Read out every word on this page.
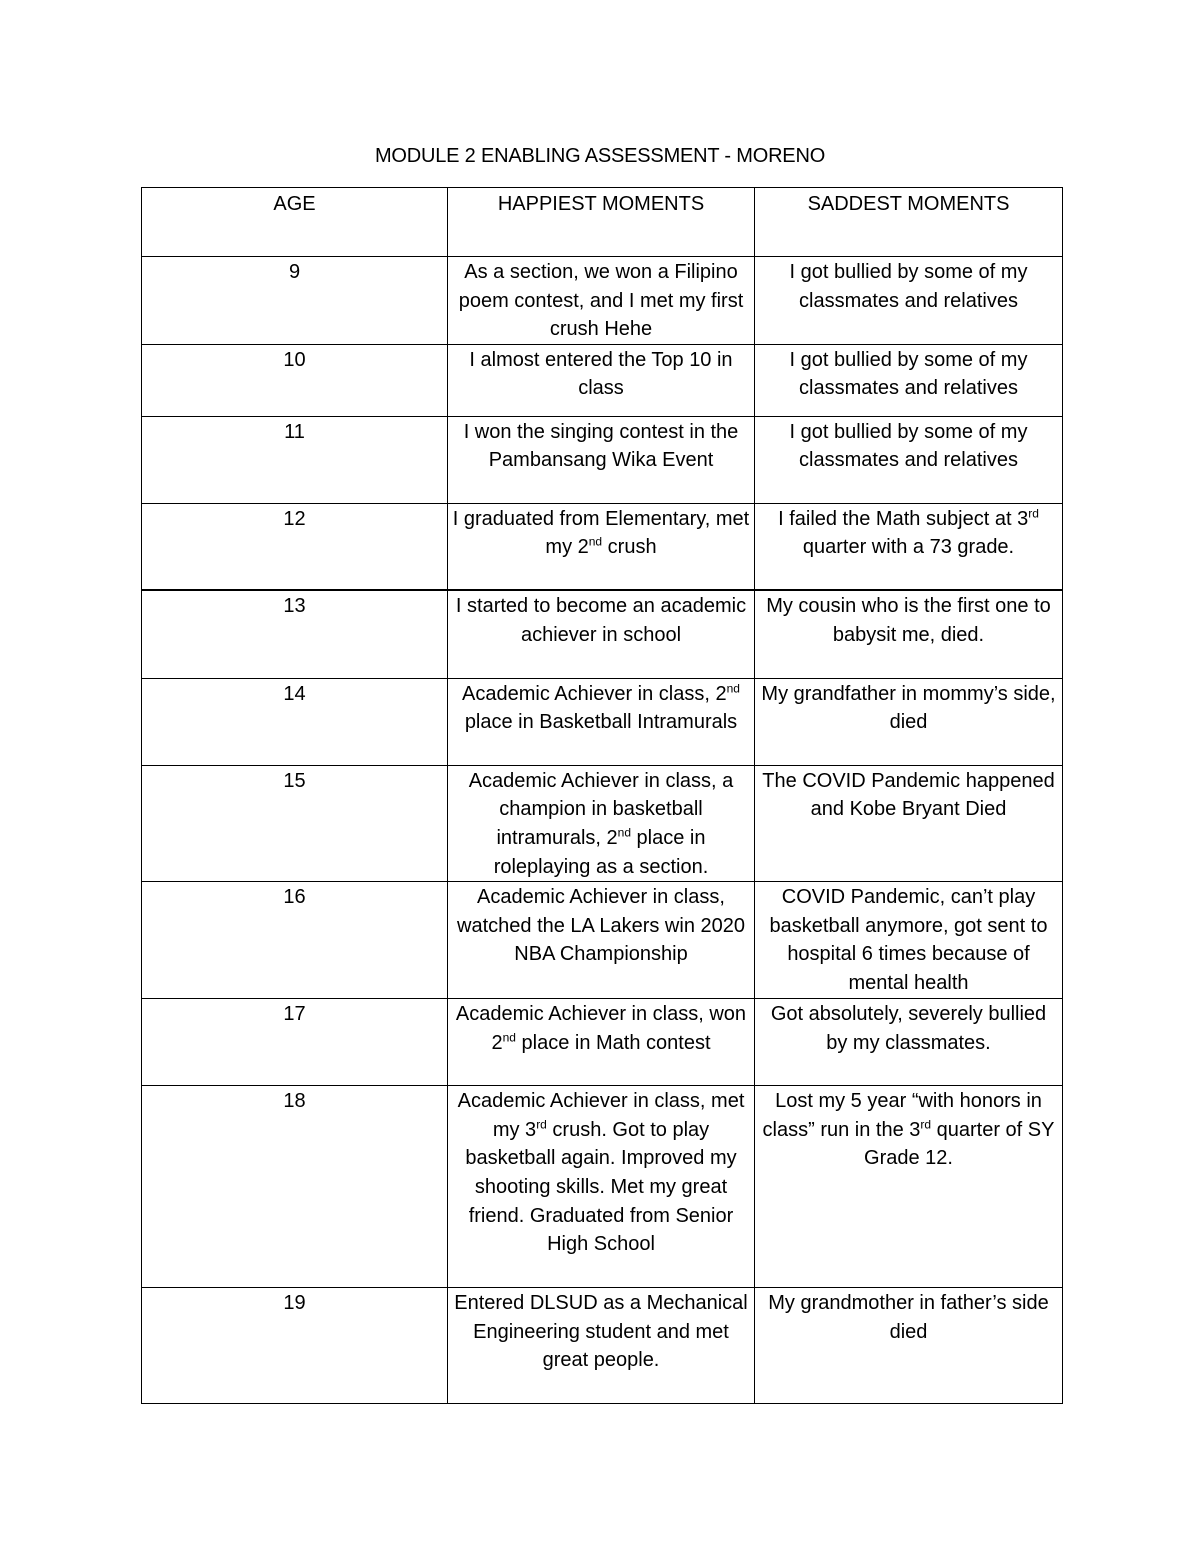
MODULE 2 ENABLING ASSESSMENT - MORENO
AGE	HAPPIEST MOMENTS	SADDEST MOMENTS
9	As a section, we won a Filipino poem contest, and I met my first crush Hehe	I got bullied by some of my classmates and relatives
10	I almost entered the Top 10 in class	I got bullied by some of my classmates and relatives
11	I won the singing contest in the Pambansang Wika Event	I got bullied by some of my classmates and relatives
12	I graduated from Elementary, met my 2nd crush	I failed the Math subject at 3rd quarter with a 73 grade.
13	I started to become an academic achiever in school	My cousin who is the first one to babysit me, died.
14	Academic Achiever in class, 2nd place in Basketball Intramurals	My grandfather in mommy’s side, died
15	Academic Achiever in class, a champion in basketball intramurals, 2nd place in roleplaying as a section.	The COVID Pandemic happened and Kobe Bryant Died
16	Academic Achiever in class, watched the LA Lakers win 2020 NBA Championship	COVID Pandemic, can’t play basketball anymore, got sent to hospital 6 times because of mental health
17	Academic Achiever in class, won 2nd place in Math contest	Got absolutely, severely bullied by my classmates.
18	Academic Achiever in class, met my 3rd crush. Got to play basketball again. Improved my shooting skills. Met my great friend. Graduated from Senior High School	Lost my 5 year “with honors in class” run in the 3rd quarter of SY Grade 12.
19	Entered DLSUD as a Mechanical Engineering student and met great people.	My grandmother in father’s side died
